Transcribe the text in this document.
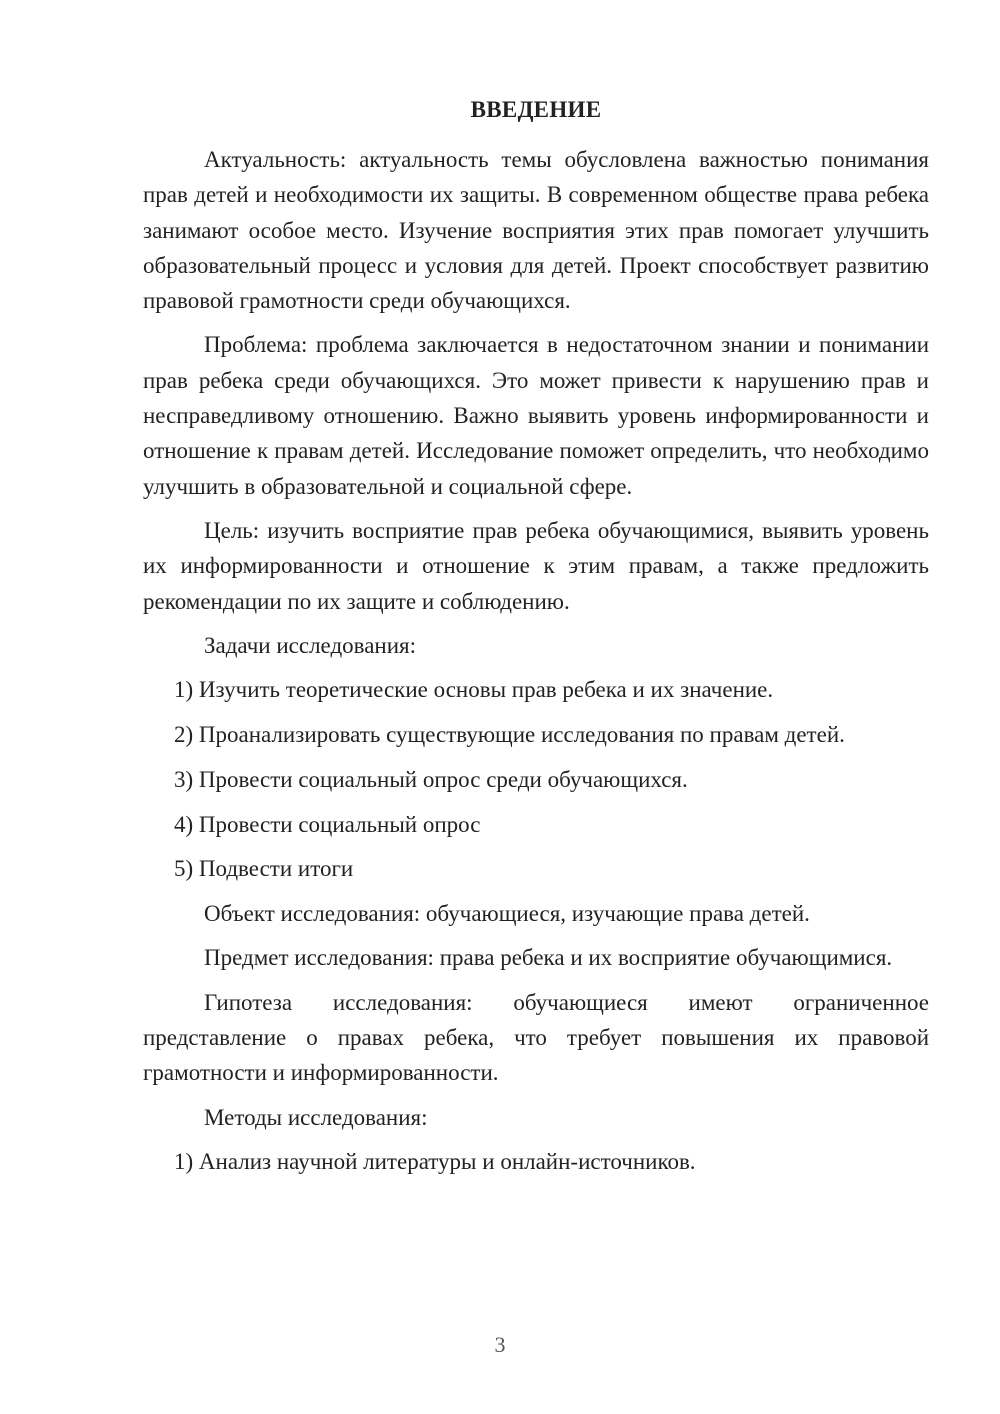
ВВЕДЕНИЕ

Актуальность: актуальность темы обусловлена важностью понимания прав детей и необходимости их защиты. В современном обществе права ребека занимают особое место. Изучение восприятия этих прав помогает улучшить образовательный процесс и условия для детей. Проект способствует развитию правовой грамотности среди обучающихся.

Проблема: проблема заключается в недостаточном знании и понимании прав ребека среди обучающихся. Это может привести к нарушению прав и несправедливому отношению. Важно выявить уровень информированности и отношение к правам детей. Исследование поможет определить, что необходимо улучшить в образовательной и социальной сфере.

Цель: изучить восприятие прав ребека обучающимися, выявить уровень их информированности и отношение к этим правам, а также предложить рекомендации по их защите и соблюдению.

Задачи исследования:

1) Изучить теоретические основы прав ребека и их значение.

2) Проанализировать существующие исследования по правам детей.

3) Провести социальный опрос среди обучающихся.

4) Провести социальный опрос

5) Подвести итоги

Объект исследования: обучающиеся, изучающие права детей.

Предмет исследования: права ребека и их восприятие обучающимися.

Гипотеза исследования: обучающиеся имеют ограниченное представление о правах ребека, что требует повышения их правовой грамотности и информированности.

Методы исследования:

1) Анализ научной литературы и онлайн-источников.

3
